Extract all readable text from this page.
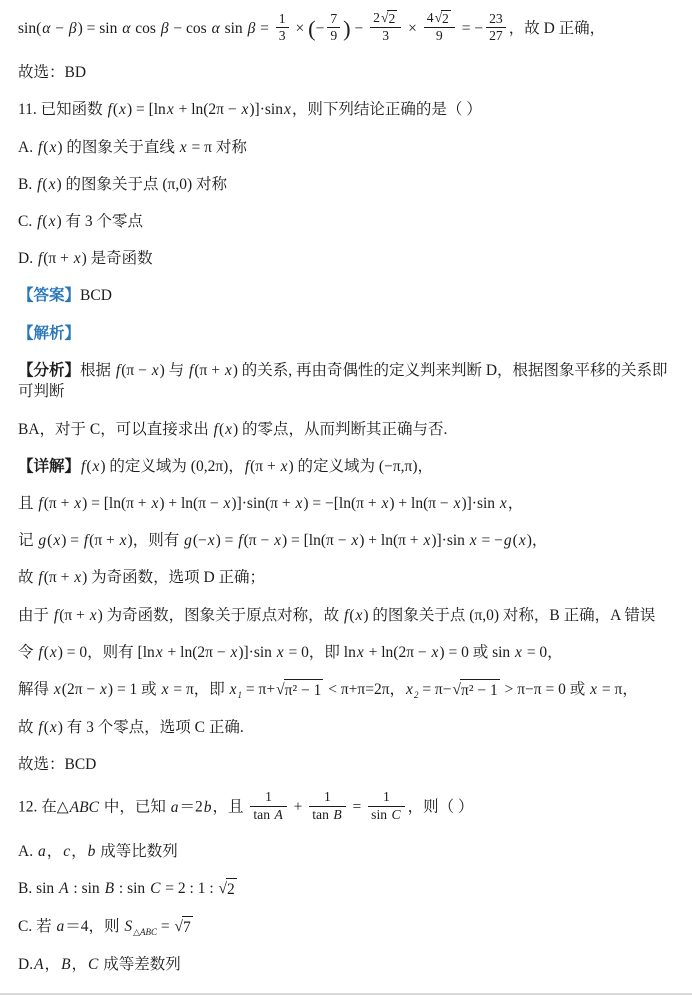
sin(α − β) = sin α cos β − cos α $\sin \beta = \frac{1}{3}$ × (− $\frac{7}{9}$ ) − $\frac{2 √ 2}{3} \times \frac{4 √ 2}{9}$ = − $\frac{23}{27}$ ，故 D 正确，
故选：BD
11. 已知函数 f(x) = [lnx + ln(2π − x)]·sinx，则下列结论正确的是（ ）
A. f(x) 的图象关于直线 x = π 对称
B. f(x) 的图象关于点 (π,0) 对称
C. f(x) 有 3 个零点
D. f(π + x) 是奇函数
【答案】BCD
【解析】
【分析】根据 f(π − x) 与 f(π + x) 的关系, 再由奇偶性的定义判来判断 D，根据图象平移的关系即可判断
BA，对于 C，可以直接求出 f(x) 的零点，从而判断其正确与否.
【详解】f(x) 的定义域为 (0,2π)，f(π + x) 的定义域为 (−π,π)，
且 f(π + x) = [ln(π + x) + ln(π − x)]·sin(π + x) = −[ln(π + x) + ln(π − x)]·sin x，
记 g(x) = f(π + x)，则有 g(−x) = f(π − x) = [ln(π − x) + ln(π + x)]·sin x = −g(x)，
故 f(π + x) 为奇函数，选项 D 正确；
由于 f(π + x) 为奇函数，图象关于原点对称，故 f(x) 的图象关于点 (π,0) 对称，B 正确，A 错误
令 f(x) = 0，则有 [lnx + ln(2π − x)]·sin x = 0，即 lnx + ln(2π − x) = 0 或 sin x = 0，
解得 x(2π − x) = 1 或 x = π，即 $x_1 = \pi+$ √ π² − 1 < π+π=2π，$x_2 = \pi-$ √ π² − 1 > π−π = 0 或 x = π，
故 f(x) 有 3 个零点，选项 C 正确.
故选：BCD
12. 在△ABC 中，已知 a＝2b，且 $\frac{1}{\text{tan A}} + \frac{1}{\text{tan B}} = \frac{1}{\text{sin C}}$ ，则（ ）
A. a，c，b 成等比数列
B. sin A : sin B : sin C = 2 : 1 : √ 2
C. 若 a＝4，则 $S_{\triangle ABC}$ = √ 7
D.A，B，C 成等差数列
